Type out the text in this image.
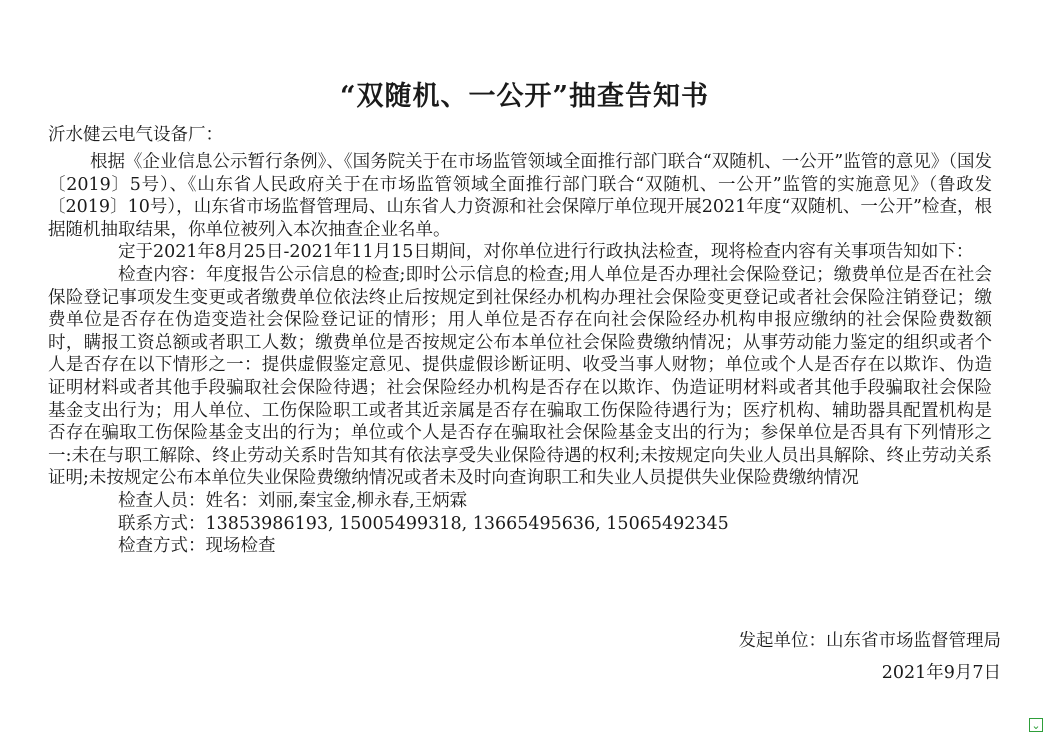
“双随机、一公开”抽查告知书
沂水健云电气设备厂：

根据《企业信息公示暂行条例》、《国务院关于在市场监管领域全面推行部门联合“双随机、一公开”监管的意见》（国发〔2019〕5号）、《山东省人民政府关于在市场监管领域全面推行部门联合“双随机、一公开”监管的实施意见》（鲁政发〔2019〕10号），山东省市场监督管理局、山东省人力资源和社会保障厅单位现开展2021年度“双随机、一公开”检查，根据随机抽取结果，你单位被列入本次抽查企业名单。

定于2021年8月25日-2021年11月15日期间，对你单位进行行政执法检查，现将检查内容有关事项告知如下：

检查内容：年度报告公示信息的检查;即时公示信息的检查;用人单位是否办理社会保险登记；缴费单位是否在社会保险登记事项发生变更或者缴费单位依法终止后按规定到社保经办机构办理社会保险变更登记或者社会保险注销登记；缴费单位是否存在伪造变造社会保险登记证的情形；用人单位是否存在向社会保险经办机构申报应缴纳的社会保险费数额时，瞒报工资总额或者职工人数；缴费单位是否按规定公布本单位社会保险费缴纳情况；从事劳动能力鉴定的组织或者个人是否存在以下情形之一：提供虚假鉴定意见、提供虚假诊断证明、收受当事人财物；单位或个人是否存在以欺诈、伪造证明材料或者其他手段骗取社会保险待遇；社会保险经办机构是否存在以欺诈、伪造证明材料或者其他手段骗取社会保险基金支出行为；用人单位、工伤保险职工或者其近亲属是否存在骗取工伤保险待遇行为；医疗机构、辅助器具配置机构是否存在骗取工伤保险基金支出的行为；单位或个人是否存在骗取社会保险基金支出的行为；参保单位是否具有下列情形之一:未在与职工解除、终止劳动关系时告知其有依法享受失业保险待遇的权利;未按规定向失业人员出具解除、终止劳动关系证明;未按规定公布本单位失业保险费缴纳情况或者未及时向查询职工和失业人员提供失业保险费缴纳情况

检查人员：姓名：刘丽,秦宝金,柳永春,王炳霖
联系方式：13853986193, 15005499318, 13665495636, 15065492345
检查方式：现场检查
发起单位：山东省市场监督管理局
2021年9月7日
⌄
